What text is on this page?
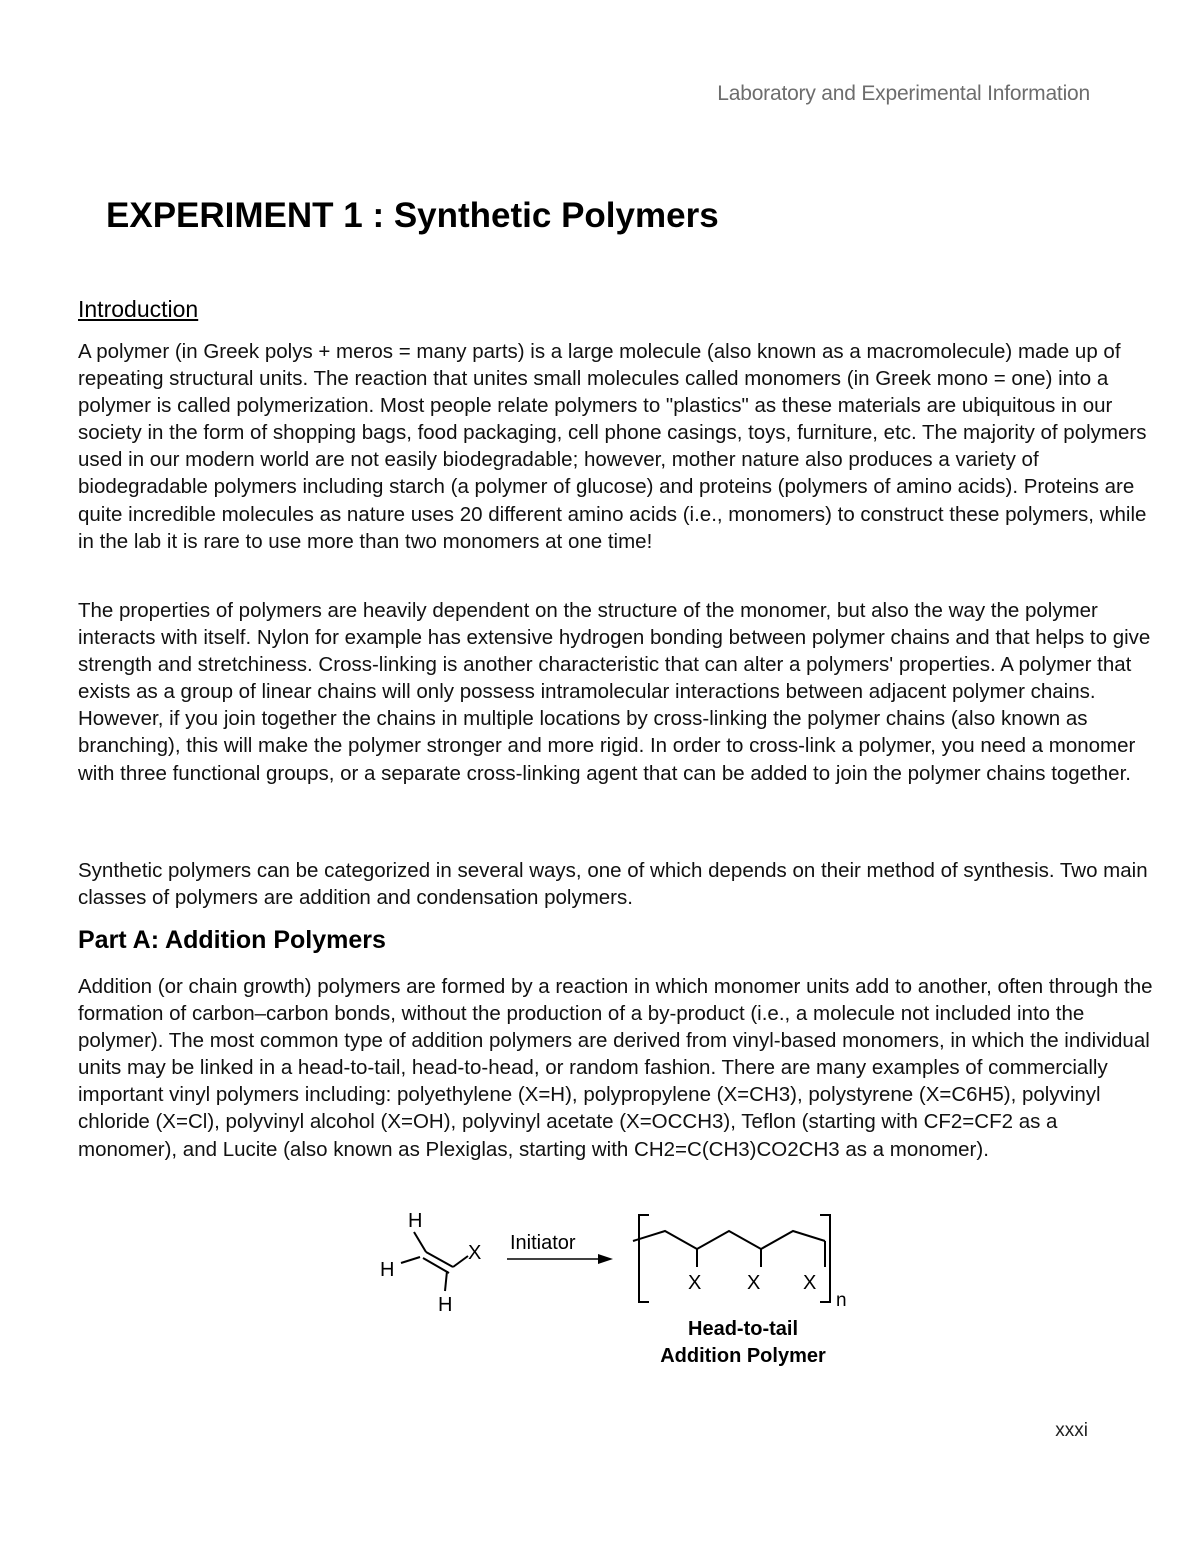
Laboratory and Experimental Information
EXPERIMENT 1 : Synthetic Polymers
Introduction

A polymer (in Greek polys + meros = many parts) is a large molecule (also known as a macromolecule) made up of repeating structural units. The reaction that unites small molecules called monomers (in Greek mono = one) into a polymer is called polymerization. Most people relate polymers to "plastics" as these materials are ubiquitous in our society in the form of shopping bags, food packaging, cell phone casings, toys, furniture, etc. The majority of polymers used in our modern world are not easily biodegradable; however, mother nature also produces a variety of biodegradable polymers including starch (a polymer of glucose) and proteins (polymers of amino acids). Proteins are quite incredible molecules as nature uses 20 different amino acids (i.e., monomers) to construct these polymers, while in the lab it is rare to use more than two monomers at one time!

The properties of polymers are heavily dependent on the structure of the monomer, but also the way the polymer interacts with itself. Nylon for example has extensive hydrogen bonding between polymer chains and that helps to give strength and stretchiness. Cross-linking is another characteristic that can alter a polymers' properties. A polymer that exists as a group of linear chains will only possess intramolecular interactions between adjacent polymer chains. However, if you join together the chains in multiple locations by cross-linking the polymer chains (also known as branching), this will make the polymer stronger and more rigid. In order to cross-link a polymer, you need a monomer with three functional groups, or a separate cross-linking agent that can be added to join the polymer chains together.

Synthetic polymers can be categorized in several ways, one of which depends on their method of synthesis. Two main classes of polymers are addition and condensation polymers.

Part A: Addition Polymers

Addition (or chain growth) polymers are formed by a reaction in which monomer units add to another, often through the formation of carbon–carbon bonds, without the production of a by-product (i.e., a molecule not included into the polymer). The most common type of addition polymers are derived from vinyl-based monomers, in which the individual units may be linked in a head-to-tail, head-to-head, or random fashion. There are many examples of commercially important vinyl polymers including: polyethylene (X=H), polypropylene (X=CH3), polystyrene (X=C6H5), polyvinyl chloride (X=Cl), polyvinyl alcohol (X=OH), polyvinyl acetate (X=OCCH3), Teflon (starting with CF2=CF2 as a monomer), and Lucite (also known as Plexiglas, starting with CH2=C(CH3)CO2CH3 as a monomer).

H
H
H
X Initiator
X X X
n
Head-to-tail
Addition Polymer
xxxi
